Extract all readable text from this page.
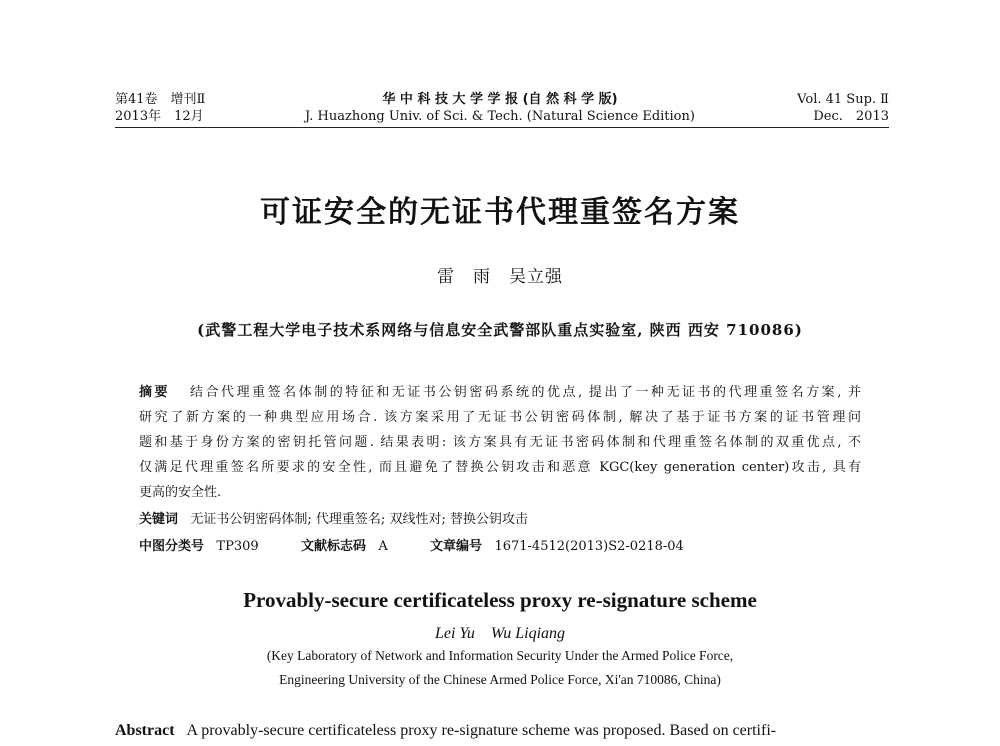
第41卷　增刊Ⅱ
2013年　12月
华 中 科 技 大 学 学 报 (自 然 科 学 版)
J. Huazhong Univ. of Sci. & Tech. (Natural Science Edition)
Vol. 41 Sup. Ⅱ
Dec.　2013
可证安全的无证书代理重签名方案
雷　雨　吴立强
(武警工程大学电子技术系网络与信息安全武警部队重点实验室, 陕西 西安 710086)
摘要 结合代理重签名体制的特征和无证书公钥密码系统的优点, 提出了一种无证书的代理重签名方案, 并
研究了新方案的一种典型应用场合. 该方案采用了无证书公钥密码体制, 解决了基于证书方案的证书管理问
题和基于身份方案的密钥托管问题. 结果表明: 该方案具有无证书密码体制和代理重签名体制的双重优点, 不
仅满足代理重签名所要求的安全性, 而且避免了替换公钥攻击和恶意 KGC(key generation center)攻击, 具有
更高的安全性.
关键词 无证书公钥密码体制; 代理重签名; 双线性对; 替换公钥攻击
中图分类号 TP309	文献标志码 A	文章编号 1671-4512(2013)S2-0218-04
Provably-secure certificateless proxy re-signature scheme
Lei Yu　Wu Liqiang
(Key Laboratory of Network and Information Security Under the Armed Police Force,
Engineering University of the Chinese Armed Police Force, Xi'an 710086, China)
Abstract A provably-secure certificateless proxy re-signature scheme was proposed. Based on certifi-
